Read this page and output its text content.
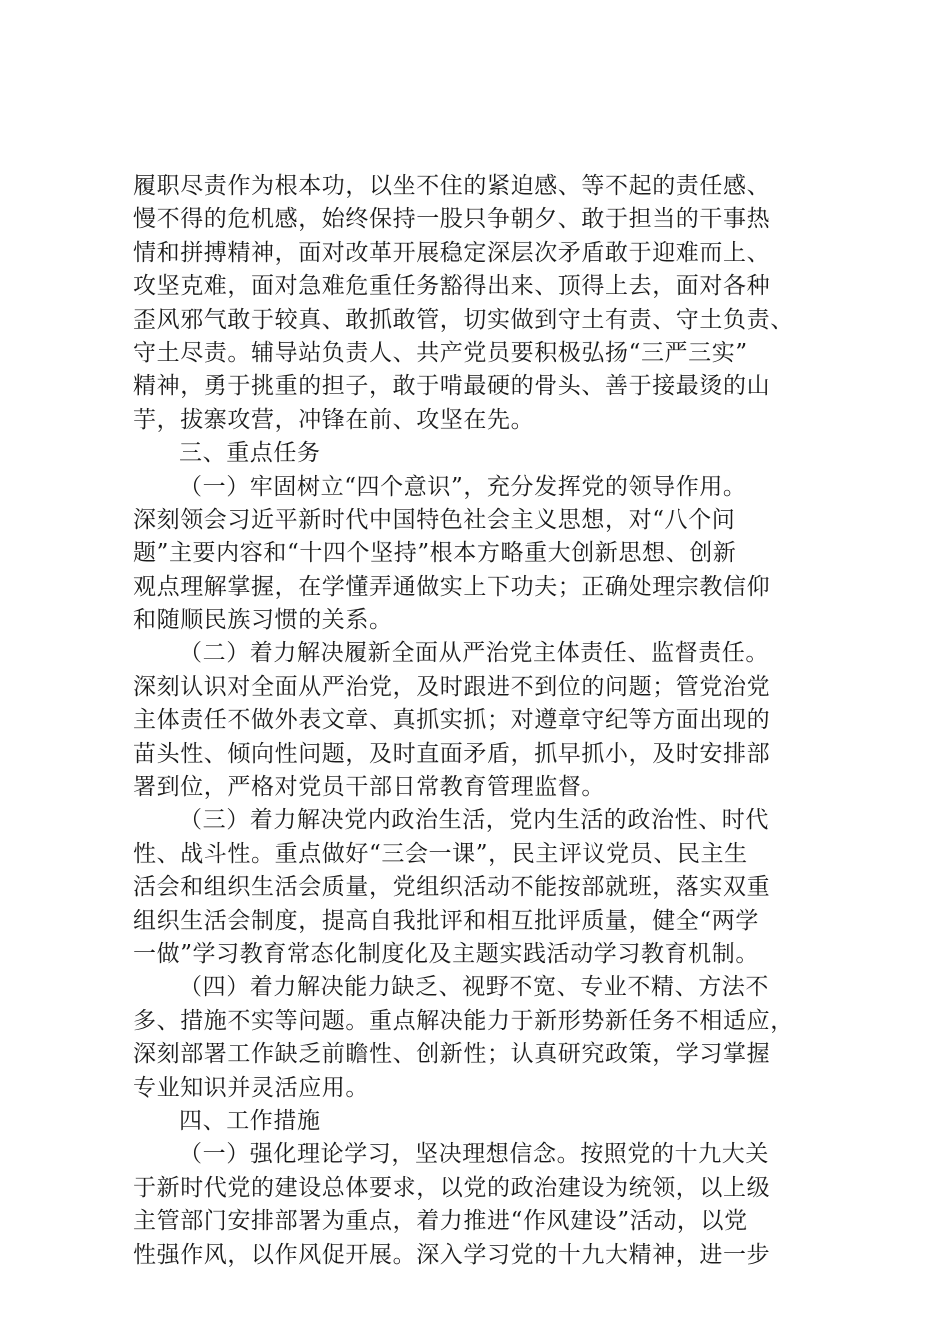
履职尽责作为根本功，以坐不住的紧迫感、等不起的责任感、
慢不得的危机感，始终保持一股只争朝夕、敢于担当的干事热
情和拼搏精神，面对改革开展稳定深层次矛盾敢于迎难而上、
攻坚克难，面对急难危重任务豁得出来、顶得上去，面对各种
歪风邪气敢于较真、敢抓敢管，切实做到守土有责、守土负责、
守土尽责。辅导站负责人、共产党员要积极弘扬“三严三实”
精神，勇于挑重的担子，敢于啃最硬的骨头、善于接最烫的山
芋，拔寨攻营，冲锋在前、攻坚在先。
三、重点任务
（一）牢固树立“四个意识”，充分发挥党的领导作用。
深刻领会习近平新时代中国特色社会主义思想，对“八个问
题”主要内容和“十四个坚持”根本方略重大创新思想、创新
观点理解掌握，在学懂弄通做实上下功夫；正确处理宗教信仰
和随顺民族习惯的关系。
（二）着力解决履新全面从严治党主体责任、监督责任。
深刻认识对全面从严治党，及时跟进不到位的问题；管党治党
主体责任不做外表文章、真抓实抓；对遵章守纪等方面出现的
苗头性、倾向性问题，及时直面矛盾，抓早抓小，及时安排部
署到位，严格对党员干部日常教育管理监督。
（三）着力解决党内政治生活，党内生活的政治性、时代
性、战斗性。重点做好“三会一课”，民主评议党员、民主生
活会和组织生活会质量，党组织活动不能按部就班，落实双重
组织生活会制度，提高自我批评和相互批评质量，健全“两学
一做”学习教育常态化制度化及主题实践活动学习教育机制。
（四）着力解决能力缺乏、视野不宽、专业不精、方法不
多、措施不实等问题。重点解决能力于新形势新任务不相适应，
深刻部署工作缺乏前瞻性、创新性；认真研究政策，学习掌握
专业知识并灵活应用。
四、工作措施
（一）强化理论学习，坚决理想信念。按照党的十九大关
于新时代党的建设总体要求，以党的政治建设为统领，以上级
主管部门安排部署为重点，着力推进“作风建设”活动，以党
性强作风，以作风促开展。深入学习党的十九大精神，进一步
